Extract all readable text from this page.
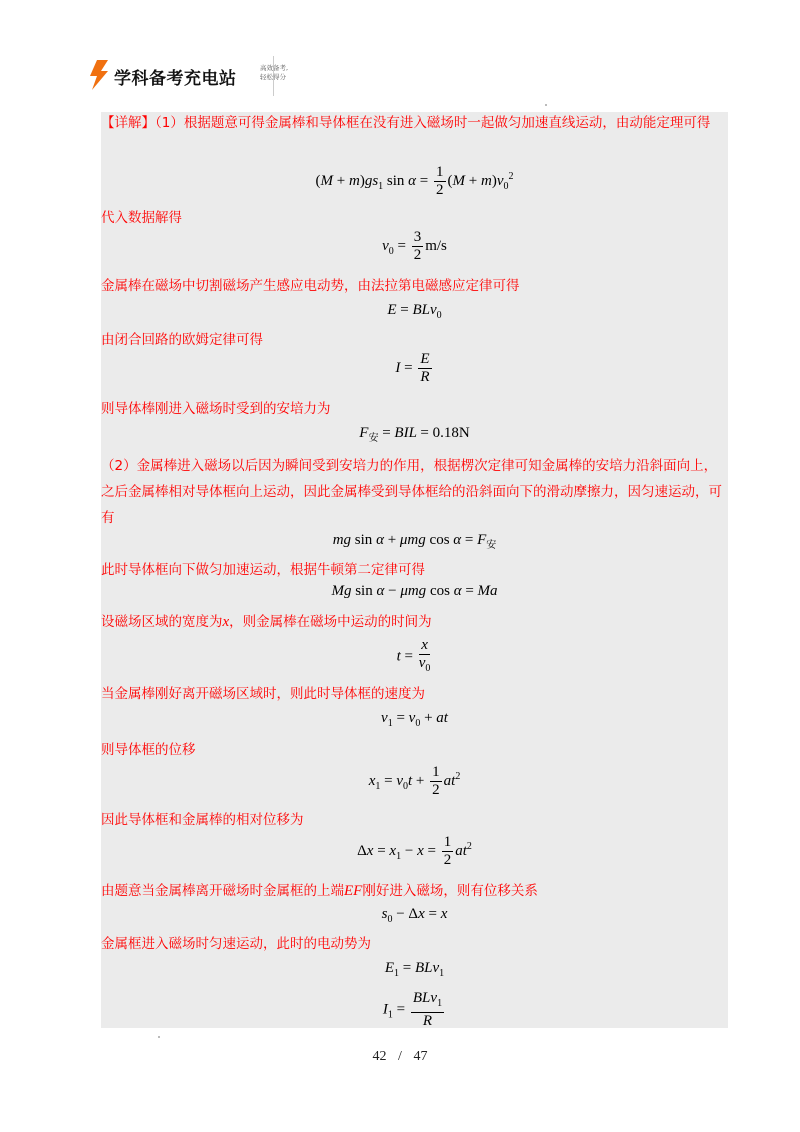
学科备考充电站
高效备考, 轻松得分
【详解】（1）根据题意可得金属棒和导体框在没有进入磁场时一起做匀加速直线运动，由动能定理可得
$(M + m)gs_1$ $\sin \alpha = \frac{1}{2} (M + m)v_0^2$
代入数据解得
$v_0 = \frac{3}{2} m/s$
金属棒在磁场中切割磁场产生感应电动势，由法拉第电磁感应定律可得
E = BLv$_0$
由闭合回路的欧姆定律可得
$I = \frac{E}{R}$
则导体棒刚进入磁场时受到的安培力为
$F_安$ = BIL = 0.18N
（2）金属棒进入磁场以后因为瞬间受到安培力的作用，根据楞次定律可知金属棒的安培力沿斜面向上，之后金属棒相对导体框向上运动，因此金属棒受到导体框给的沿斜面向下的滑动摩擦力，因匀速运动，可有
mg sin α + μmg $\cos \alpha = F_安$
此时导体框向下做匀加速运动，根据牛顿第二定律可得
Mg sin α − μmg cos α = Ma
设磁场区域的宽度为x，则金属棒在磁场中运动的时间为
$t = \frac{x}{v_0}$
当金属棒刚好离开磁场区域时，则此时导体框的速度为
$v_1 = v_0$ + at
则导体框的位移
$x_1 = v_0t + \frac{1}{2} at^2$
因此导体框和金属棒的相对位移为
$\Delta x = x_1 - x = \frac{1}{2} at^2$
由题意当金属棒离开磁场时金属框的上端EF刚好进入磁场，则有位移关系
$s_0 - \Delta x = x$
金属框进入磁场时匀速运动，此时的电动势为
$E_1 = BLv_1$
$I_1 = \frac{BLv_1}{R}$
42 / 47
